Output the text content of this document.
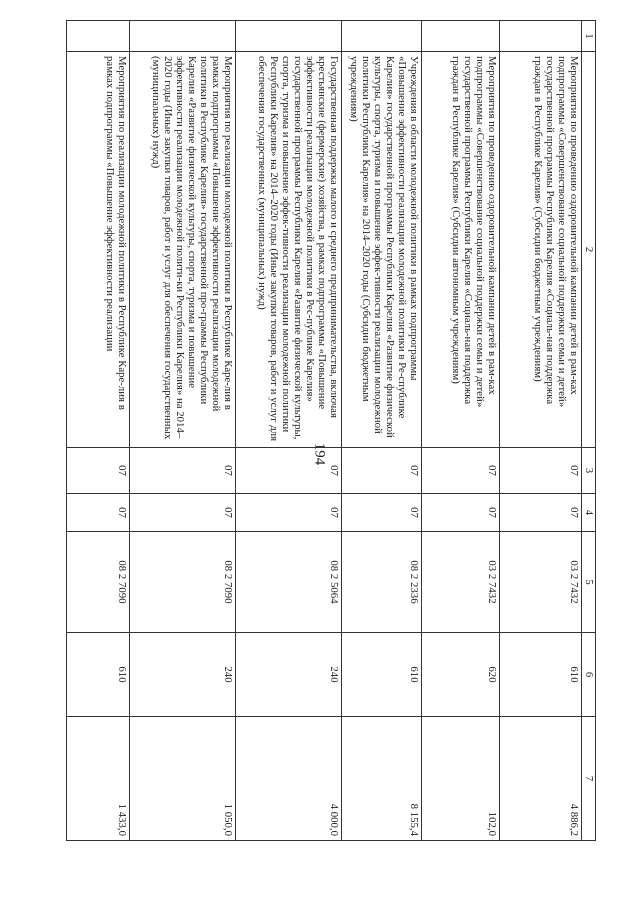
194
1	2	3	4	5	6	7
	Мероприятия по проведению оздоровительной кампании детей в рам-ках подпрограммы «Совершенствование социальной поддержки семьи и детей» государственной программы Республики Карелия «Социаль-ная поддержка граждан в Республике Карелия» (Субсидии бюджетным учреждениям)	07	07	03 2 7432	610	4 886,2
	Мероприятия по проведению оздоровительной кампании детей в рам-ках подпрограммы «Совершенствование социальной поддержки семьи и детей» государственной программы Республики Карелия «Социаль-ная поддержка граждан в Республике Карелия» (Субсидии автономным учреждениям)	07	07	03 2 7432	620	102,0
	Учреждения в области молодежной политики в рамках подпрограммы «Повышение эффективности реализации молодежной политики в Ре-спублике Карелия» государственной программы Республики Карелия «Развитие физической культуры, спорта, туризма и повышение эффек-тивности реализации молодежной политики Республики Карелия» на 2014–2020 годы (Субсидии бюджетным учреждениям)	07	07	08 2 2336	610	8 155,4
	Государственная поддержка малого и среднего предпринимательства, включая крестьянские (фермерские) хозяйства, в рамках подпрограммы «Повышение эффективности реализации молодежной политики в Рес-публике Карелия» государственной программы Республики Карелия «Развитие физической культуры, спорта, туризма и повышение эффек-тивности реализации молодежной политики Республики Карелия» на 2014–2020 годы (Иные закупки товаров, работ и услуг для обеспечения государственных (муниципальных) нужд)	07	07	08 2 5064	240	4 000,0
	Мероприятия по реализации молодежной политики в Республике Каре-лия в рамках подпрограммы «Повышение эффективности реализации молодежной политики в Республике Карелия» государственной про-граммы Республики Карелия «Развитие физической культуры, спорта, туризма и повышение эффективности реализации молодежной полити-ки Республики Карелия» на 2014–2020 годы (Иные закупки товаров, работ и услуг для обеспечения государственных (муниципальных) нужд)	07	07	08 2 7090	240	1 050,0
	Мероприятия по реализации молодежной политики в Республике Каре-лия в рамках подпрограммы «Повышение эффективности реализации	07	07	08 2 7090	610	1 433,0
